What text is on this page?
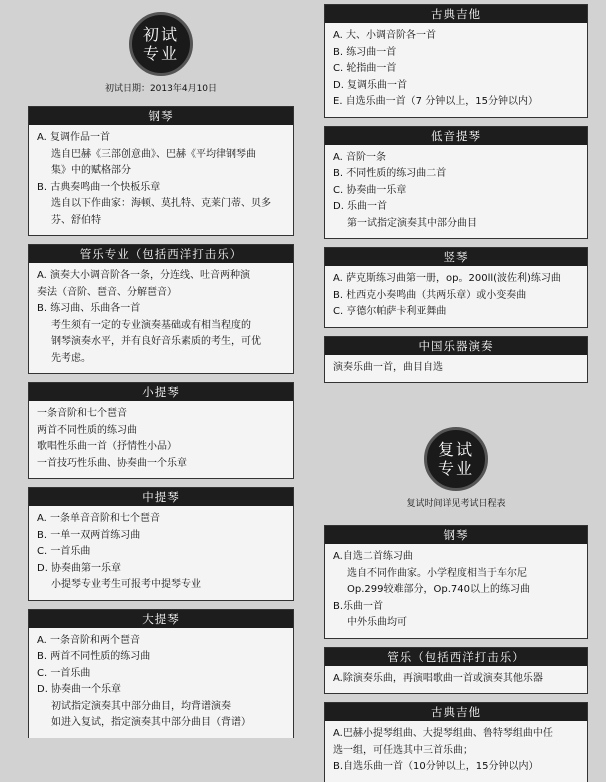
初试
专业
初试日期：2013年4月10日
钢琴
A. 复调作品一首
选自巴赫《三部创意曲》、巴赫《平均律钢琴曲
集》中的赋格部分
B. 古典奏鸣曲一个快板乐章
选自以下作曲家：海顿、莫扎特、克莱门蒂、贝多
芬、舒伯特
管乐专业（包括西洋打击乐）
A. 演奏大小调音阶各一条，分连线、吐音两种演
奏法（音阶、琶音、分解琶音）
B. 练习曲、乐曲各一首
考生须有一定的专业演奏基础或有相当程度的
钢琴演奏水平，并有良好音乐素质的考生，可优
先考虑。
小提琴
一条音阶和七个琶音
两首不同性质的练习曲
歌唱性乐曲一首（抒情性小品）
一首技巧性乐曲、协奏曲一个乐章
中提琴
A. 一条单音音阶和七个琶音
B. 一单一双两首练习曲
C. 一首乐曲
D. 协奏曲第一乐章
小提琴专业考生可报考中提琴专业
大提琴
A. 一条音阶和两个琶音
B. 两首不同性质的练习曲
C. 一首乐曲
D. 协奏曲一个乐章
初试指定演奏其中部分曲目，均背谱演奏
如进入复试，指定演奏其中部分曲目（背谱）
古典吉他
A. 大、小调音阶各一首
B. 练习曲一首
C. 轮指曲一首
D. 复调乐曲一首
E. 自选乐曲一首（7 分钟以上，15分钟以内）
低音提琴
A. 音阶一条
B. 不同性质的练习曲二首
C. 协奏曲一乐章
D. 乐曲一首
第一试指定演奏其中部分曲目
竖琴
A. 萨克斯练习曲第一册，op。200ll(波佐利)练习曲
B. 杜西克小奏鸣曲（共两乐章）或小变奏曲
C. 亨德尔帕萨卡利亚舞曲
中国乐器演奏
演奏乐曲一首，曲目自选
复试
专业
复试时间详见考试日程表
钢琴
A.自选二首练习曲
选自不同作曲家。小学程度相当于车尔尼
Op.299较难部分，Op.740以上的练习曲
B.乐曲一首
中外乐曲均可
管乐（包括西洋打击乐）
A.除演奏乐曲，再演唱歌曲一首或演奏其他乐器
古典吉他
A.巴赫小提琴组曲、大提琴组曲、鲁特琴组曲中任
选一组，可任选其中三首乐曲；
B.自选乐曲一首（10分钟以上，15分钟以内）
